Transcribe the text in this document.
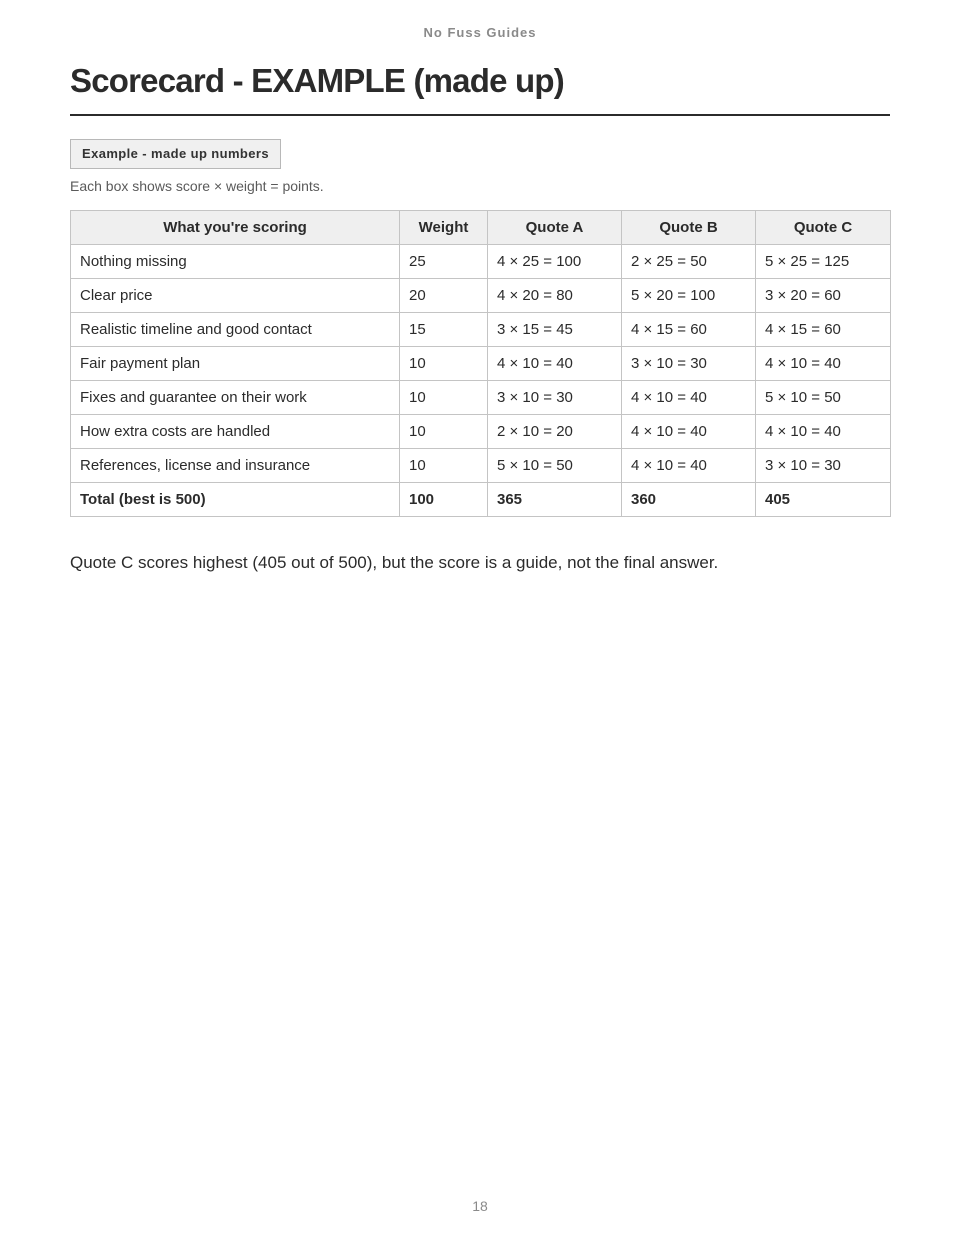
No Fuss Guides
Scorecard - EXAMPLE (made up)
Example - made up numbers
Each box shows score × weight = points.
What you're scoring	Weight	Quote A	Quote B	Quote C
Nothing missing	25	4 × 25 = 100	2 × 25 = 50	5 × 25 = 125
Clear price	20	4 × 20 = 80	5 × 20 = 100	3 × 20 = 60
Realistic timeline and good contact	15	3 × 15 = 45	4 × 15 = 60	4 × 15 = 60
Fair payment plan	10	4 × 10 = 40	3 × 10 = 30	4 × 10 = 40
Fixes and guarantee on their work	10	3 × 10 = 30	4 × 10 = 40	5 × 10 = 50
How extra costs are handled	10	2 × 10 = 20	4 × 10 = 40	4 × 10 = 40
References, license and insurance	10	5 × 10 = 50	4 × 10 = 40	3 × 10 = 30
Total (best is 500)	100	365	360	405

Quote C scores highest (405 out of 500), but the score is a guide, not the final answer.

18
